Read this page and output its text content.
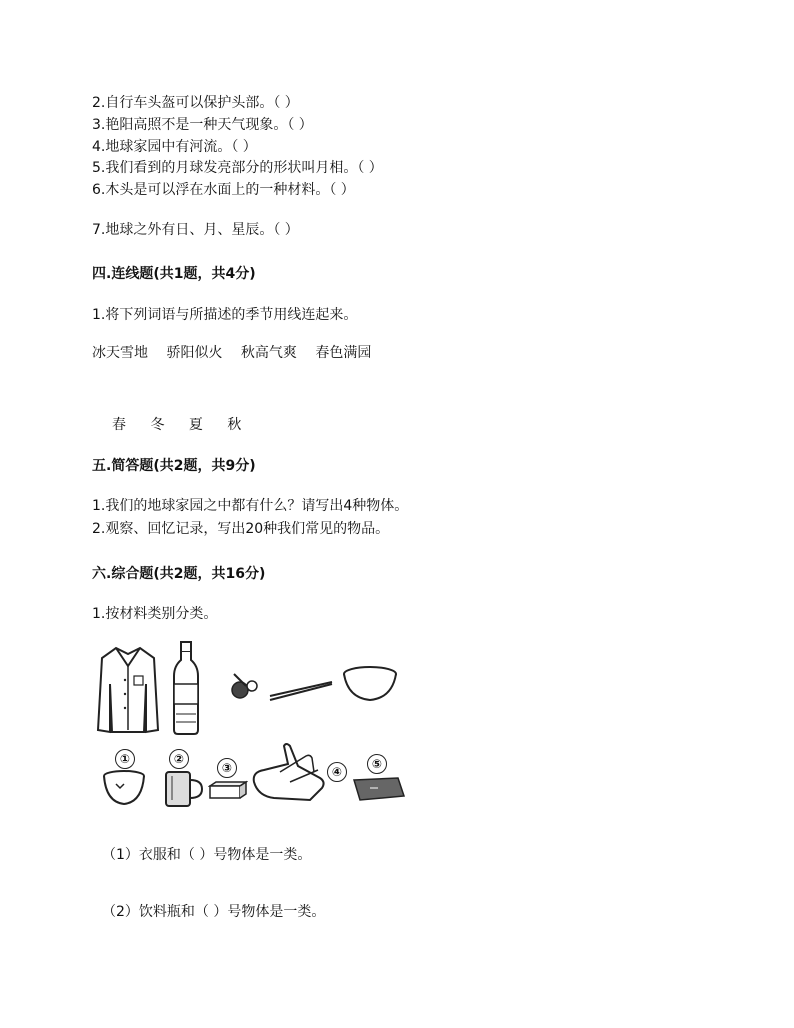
2.自行车头盔可以保护头部。（ ）
3.艳阳高照不是一种天气现象。（ ）
4.地球家园中有河流。（ ）
5.我们看到的月球发亮部分的形状叫月相。（ ）
6.木头是可以浮在水面上的一种材料。（ ）
7.地球之外有日、月、星辰。（ ）
四.连线题(共1题，共4分)
1.将下列词语与所描述的季节用线连起来。
冰天雪地 骄阳似火 秋高气爽 春色满园
春 冬 夏 秋
五.简答题(共2题，共9分)
1.我们的地球家园之中都有什么？请写出4种物体。
2.观察、回忆记录，写出20种我们常见的物品。
六.综合题(共2题，共16分)
1.按材料类别分类。
①	②
③	④
⑤
（1）衣服和（ ）号物体是一类。
（2）饮料瓶和（ ）号物体是一类。
